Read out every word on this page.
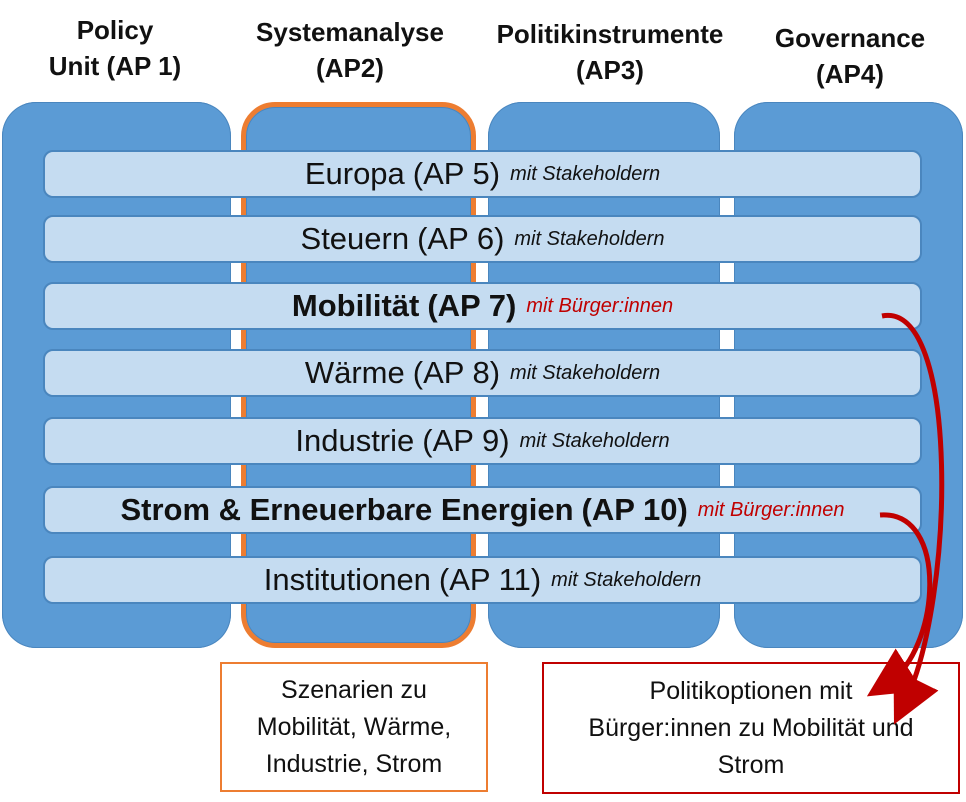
Policy
Unit (AP 1)
Systemanalyse
(AP2)
Politikinstrumente
(AP3)
Governance
(AP4)
Europa (AP 5) mit Stakeholdern
Steuern (AP 6) mit Stakeholdern
Mobilität (AP 7) mit Bürger:innen
Wärme (AP 8) mit Stakeholdern
Industrie (AP 9) mit Stakeholdern
Strom & Erneuerbare Energien (AP 10) mit Bürger:innen
Institutionen (AP 11) mit Stakeholdern
Szenarien zu
Mobilität, Wärme,
Industrie, Strom
Politikoptionen mit
Bürger:innen zu Mobilität und
Strom
